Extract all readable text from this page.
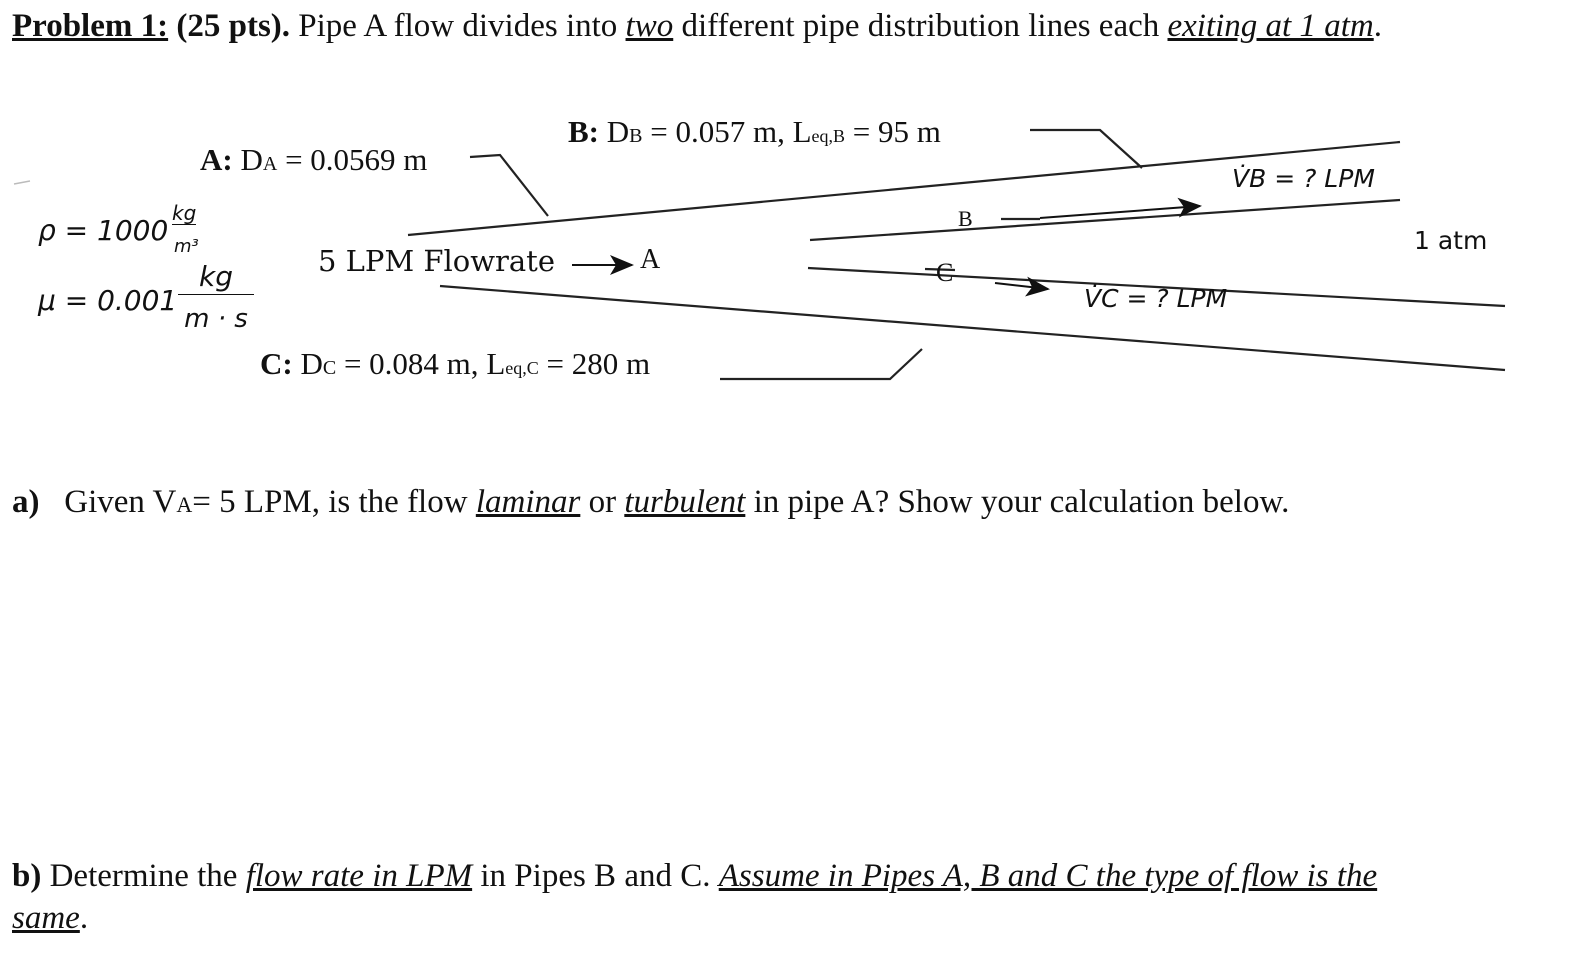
Problem 1: (25 pts). Pipe A flow divides into two different pipe distribution lines each exiting at 1 atm.
A: DA = 0.0569 m
B: DB = 0.057 m, Leq,B = 95 m
C: DC = 0.084 m, Leq,C = 280 m
ρ = 1000
kg
m³
μ = 0.001
kg
m · s
5 LPM Flowrate	A
B
C
V̇B = ? LPM
V̇C = ? LPM
1 atm
a) Given VA= 5 LPM, is the flow laminar or turbulent in pipe A? Show your calculation below.
b) Determine the flow rate in LPM in Pipes B and C. Assume in Pipes A, B and C the type of flow is the
same.
